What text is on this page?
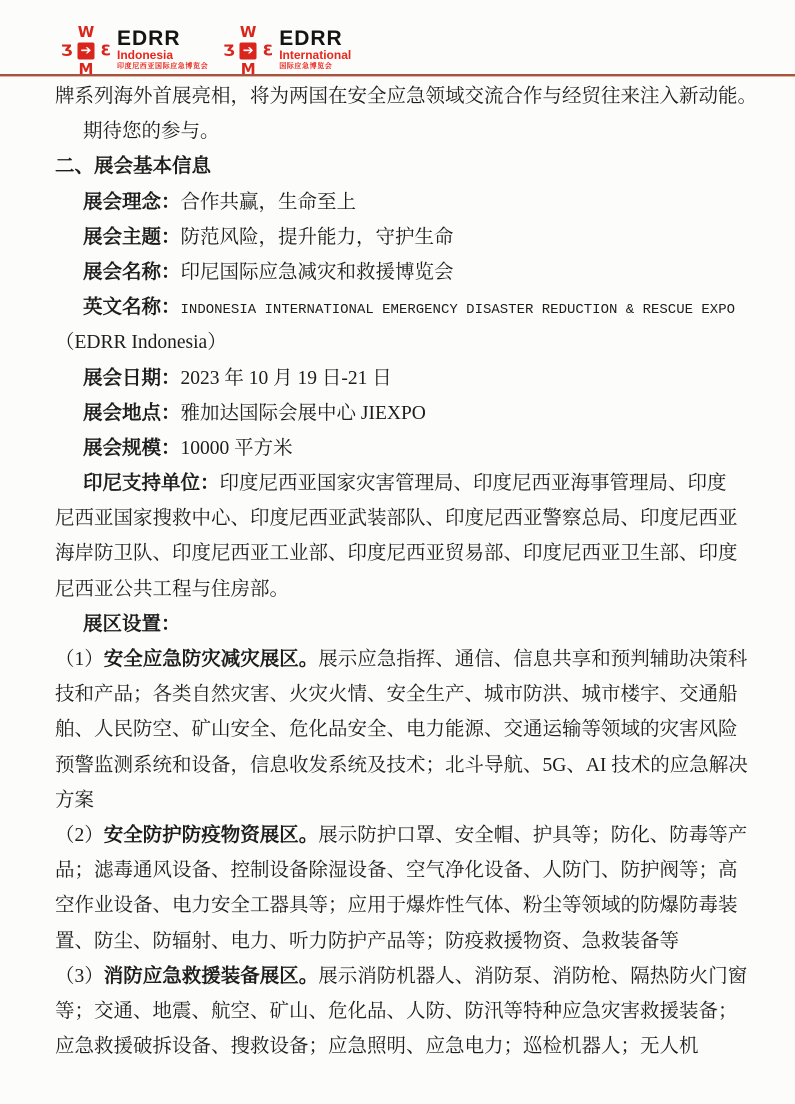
W
Ʒ ➔ Ɛ
M
EDRR
Indonesia
印度尼西亚国际应急博览会
W
Ʒ ➔ Ɛ
M
EDRR
International
国际应急博览会
牌系列海外首展亮相，将为两国在安全应急领域交流合作与经贸往来注入新动能。
期待您的参与。
二、展会基本信息
展会理念：合作共赢，生命至上
展会主题：防范风险，提升能力，守护生命
展会名称：印尼国际应急减灾和救援博览会
英文名称：INDONESIA INTERNATIONAL EMERGENCY DISASTER REDUCTION & RESCUE EXPO
（EDRR Indonesia）
展会日期：2023 年 10 月 19 日-21 日
展会地点：雅加达国际会展中心 JIEXPO
展会规模：10000 平方米
印尼支持单位：印度尼西亚国家灾害管理局、印度尼西亚海事管理局、印度
尼西亚国家搜救中心、印度尼西亚武装部队、印度尼西亚警察总局、印度尼西亚
海岸防卫队、印度尼西亚工业部、印度尼西亚贸易部、印度尼西亚卫生部、印度
尼西亚公共工程与住房部。
展区设置：
（1）安全应急防灾减灾展区。展示应急指挥、通信、信息共享和预判辅助决策科
技和产品；各类自然灾害、火灾火情、安全生产、城市防洪、城市楼宇、交通船
舶、人民防空、矿山安全、危化品安全、电力能源、交通运输等领域的灾害风险
预警监测系统和设备，信息收发系统及技术；北斗导航、5G、AI 技术的应急解决
方案
（2）安全防护防疫物资展区。展示防护口罩、安全帽、护具等；防化、防毒等产
品；滤毒通风设备、控制设备除湿设备、空气净化设备、人防门、防护阀等；高
空作业设备、电力安全工器具等；应用于爆炸性气体、粉尘等领域的防爆防毒装
置、防尘、防辐射、电力、听力防护产品等；防疫救援物资、急救装备等
（3）消防应急救援装备展区。展示消防机器人、消防泵、消防枪、隔热防火门窗
等；交通、地震、航空、矿山、危化品、人防、防汛等特种应急灾害救援装备；
应急救援破拆设备、搜救设备；应急照明、应急电力；巡检机器人；无人机
